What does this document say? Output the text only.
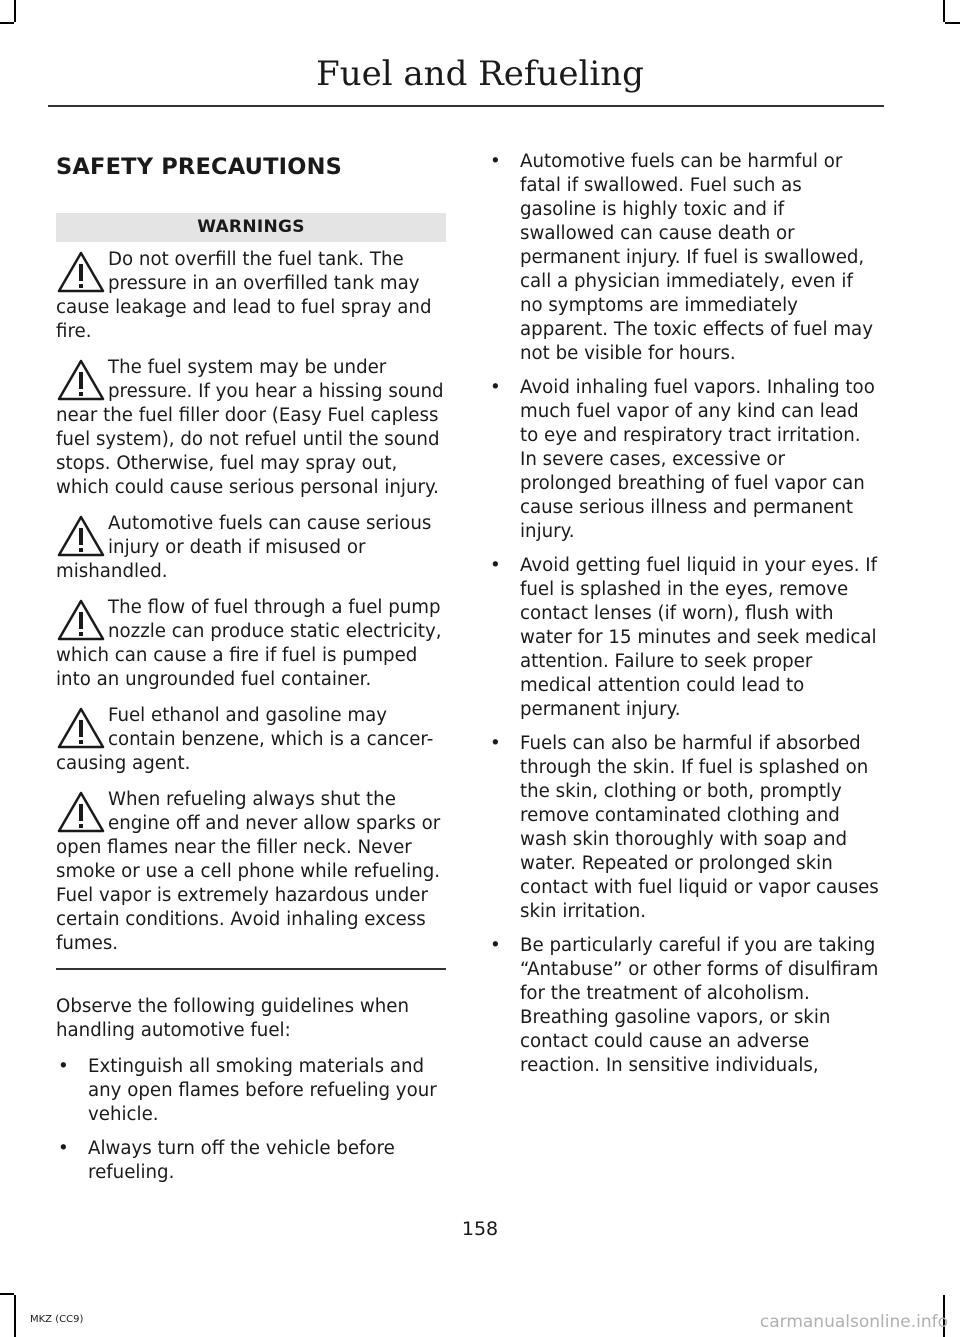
Fuel and Refueling
SAFETY PRECAUTIONS
WARNINGS

Do not overfill the fuel tank. The pressure in an overfilled tank may cause leakage and lead to fuel spray and fire.

The fuel system may be under pressure. If you hear a hissing sound near the fuel filler door (Easy Fuel capless fuel system), do not refuel until the sound stops. Otherwise, fuel may spray out, which could cause serious personal injury.

Automotive fuels can cause serious injury or death if misused or mishandled.

The flow of fuel through a fuel pump nozzle can produce static electricity, which can cause a fire if fuel is pumped into an ungrounded fuel container.

Fuel ethanol and gasoline may contain benzene, which is a cancer-causing agent.

When refueling always shut the engine off and never allow sparks or open flames near the filler neck. Never smoke or use a cell phone while refueling. Fuel vapor is extremely hazardous under certain conditions. Avoid inhaling excess fumes.

Observe the following guidelines when handling automotive fuel:
• Extinguish all smoking materials and any open flames before refueling your vehicle.
• Always turn off the vehicle before refueling.
• Automotive fuels can be harmful or fatal if swallowed. Fuel such as gasoline is highly toxic and if swallowed can cause death or permanent injury. If fuel is swallowed, call a physician immediately, even if no symptoms are immediately apparent. The toxic effects of fuel may not be visible for hours.
• Avoid inhaling fuel vapors. Inhaling too much fuel vapor of any kind can lead to eye and respiratory tract irritation. In severe cases, excessive or prolonged breathing of fuel vapor can cause serious illness and permanent injury.
• Avoid getting fuel liquid in your eyes. If fuel is splashed in the eyes, remove contact lenses (if worn), flush with water for 15 minutes and seek medical attention. Failure to seek proper medical attention could lead to permanent injury.
• Fuels can also be harmful if absorbed through the skin. If fuel is splashed on the skin, clothing or both, promptly remove contaminated clothing and wash skin thoroughly with soap and water. Repeated or prolonged skin contact with fuel liquid or vapor causes skin irritation.
• Be particularly careful if you are taking “Antabuse” or other forms of disulfiram for the treatment of alcoholism. Breathing gasoline vapors, or skin contact could cause an adverse reaction. In sensitive individuals,
158
MKZ (CC9)	carmanualsonline.info
